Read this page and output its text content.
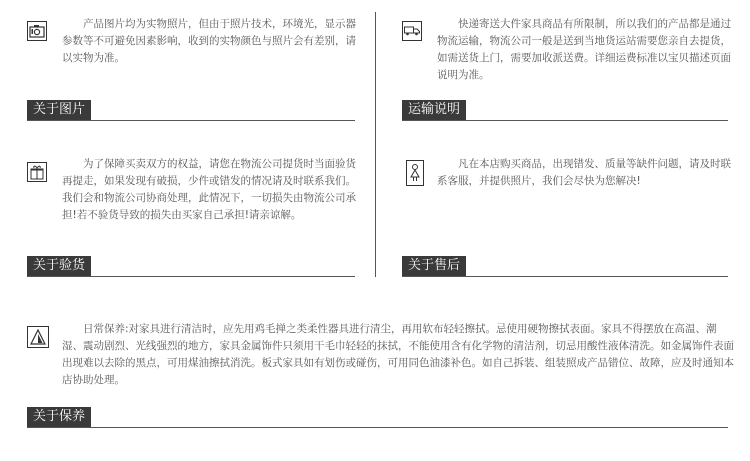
产品图片均为实物照片，但由于照片技术，环境光，显示器参数等不可避免因素影响，收到的实物颜色与照片会有差别，请以实物为准。

关于图片

快递寄送大件家具商品有所限制，所以我们的产品都是通过物流运输，物流公司一般是送到当地货运站需要您亲自去提货，如需送货上门，需要加收派送费。详细运费标准以宝贝描述页面说明为准。

运输说明

为了保障买卖双方的权益，请您在物流公司提货时当面验货再提走，如果发现有破损，少件或错发的情况请及时联系我们。我们会和物流公司协商处理，此情况下，一切损失由物流公司承担!若不验货导致的损失由买家自己承担!请亲谅解。

关于验货

凡在本店购买商品，出现错发、质量等缺件问题，请及时联系客服，并提供照片，我们会尽快为您解决!

关于售后

日常保养:对家具进行清洁时，应先用鸡毛掸之类柔性器具进行清尘，再用软布轻轻擦拭。忌使用硬物擦拭表面。家具不得摆放在高温、潮湿、震动剧烈、光线强烈的地方，家具金属饰件只须用干毛巾轻轻的抹拭，不能使用含有化学物的清洁剂，切忌用酸性液体清洗。如金属饰件表面出现难以去除的黑点，可用煤油擦拭消洗。板式家具如有划伤或碰伤，可用同色油漆补色。如自己拆装、组装照成产品错位、故障，应及时通知本店协助处理。

关于保养
